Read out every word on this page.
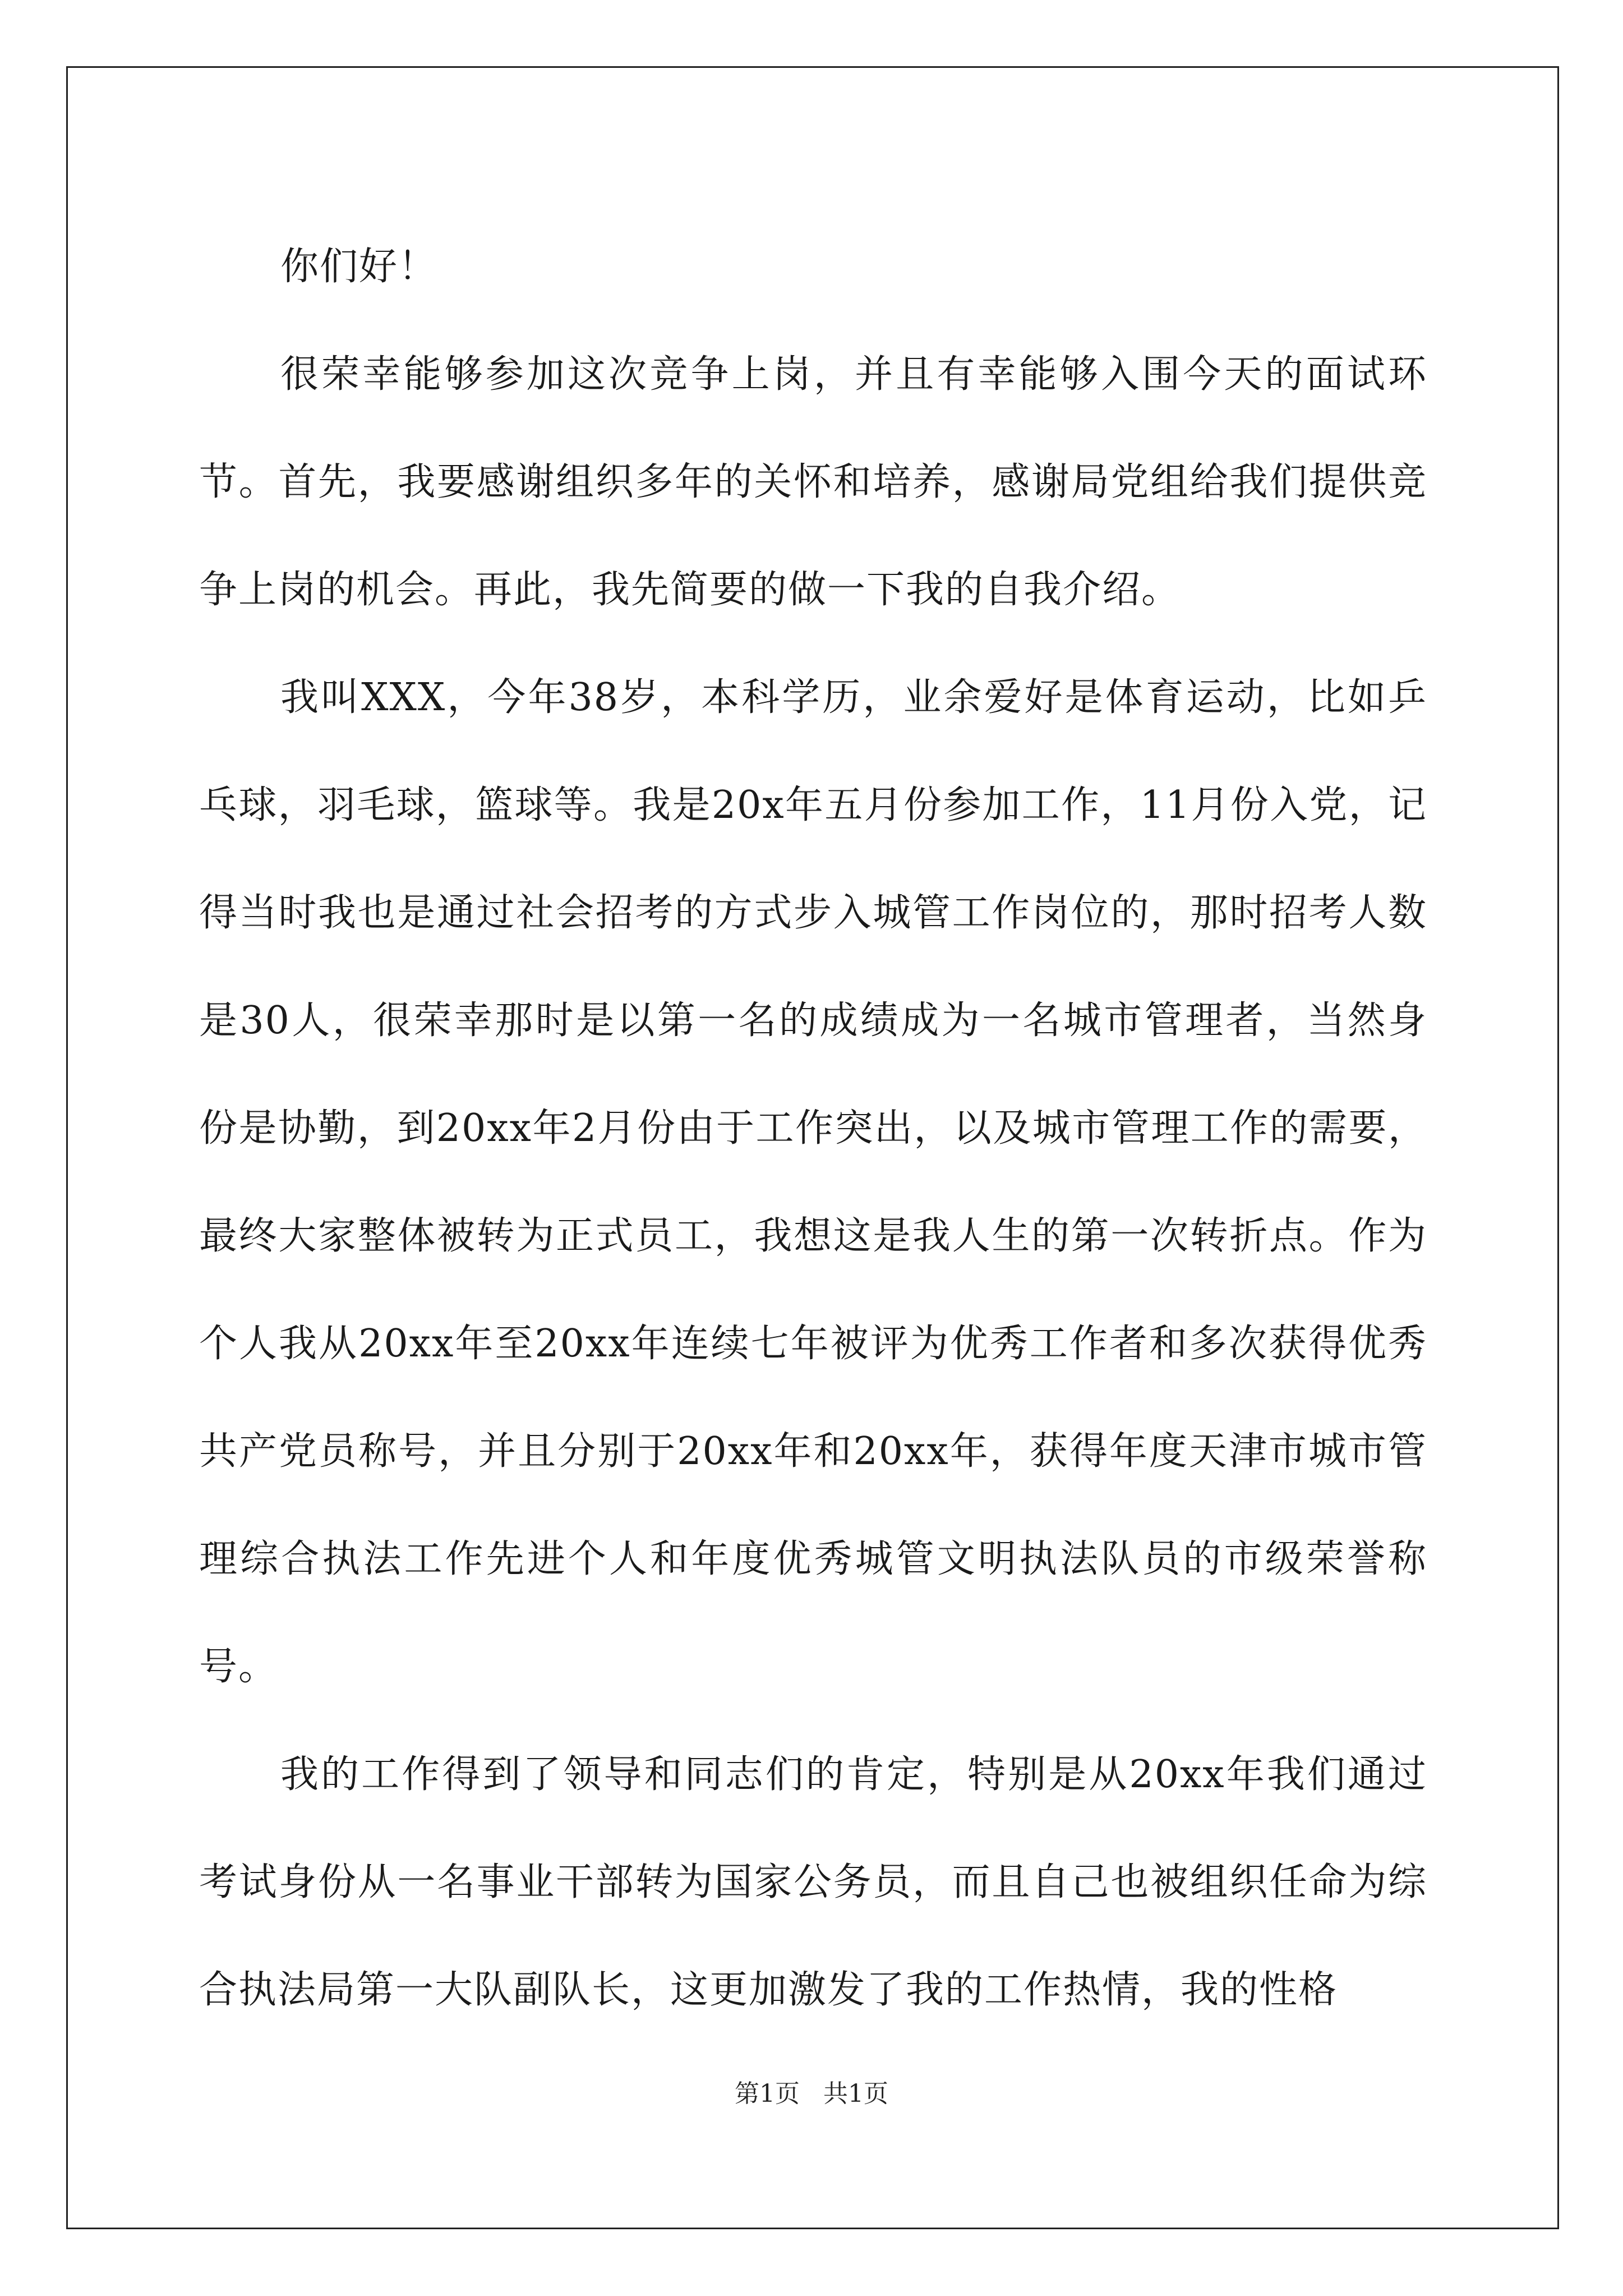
你们好！

很荣幸能够参加这次竞争上岗，并且有幸能够入围今天的面试环节。首先，我要感谢组织多年的关怀和培养，感谢局党组给我们提供竞争上岗的机会。再此，我先简要的做一下我的自我介绍。

我叫XXX，今年38岁，本科学历，业余爱好是体育运动，比如乒乓球，羽毛球，篮球等。我是20x年五月份参加工作，11月份入党，记得当时我也是通过社会招考的方式步入城管工作岗位的，那时招考人数是30人，很荣幸那时是以第一名的成绩成为一名城市管理者，当然身份是协勤，到20xx年2月份由于工作突出，以及城市管理工作的需要，最终大家整体被转为正式员工，我想这是我人生的第一次转折点。作为个人我从20xx年至20xx年连续七年被评为优秀工作者和多次获得优秀共产党员称号，并且分别于20xx年和20xx年，获得年度天津市城市管理综合执法工作先进个人和年度优秀城管文明执法队员的市级荣誉称号。

我的工作得到了领导和同志们的肯定，特别是从20xx年我们通过考试身份从一名事业干部转为国家公务员，而且自己也被组织任命为综合执法局第一大队副队长，这更加激发了我的工作热情，我的性格

第1页 共1页
